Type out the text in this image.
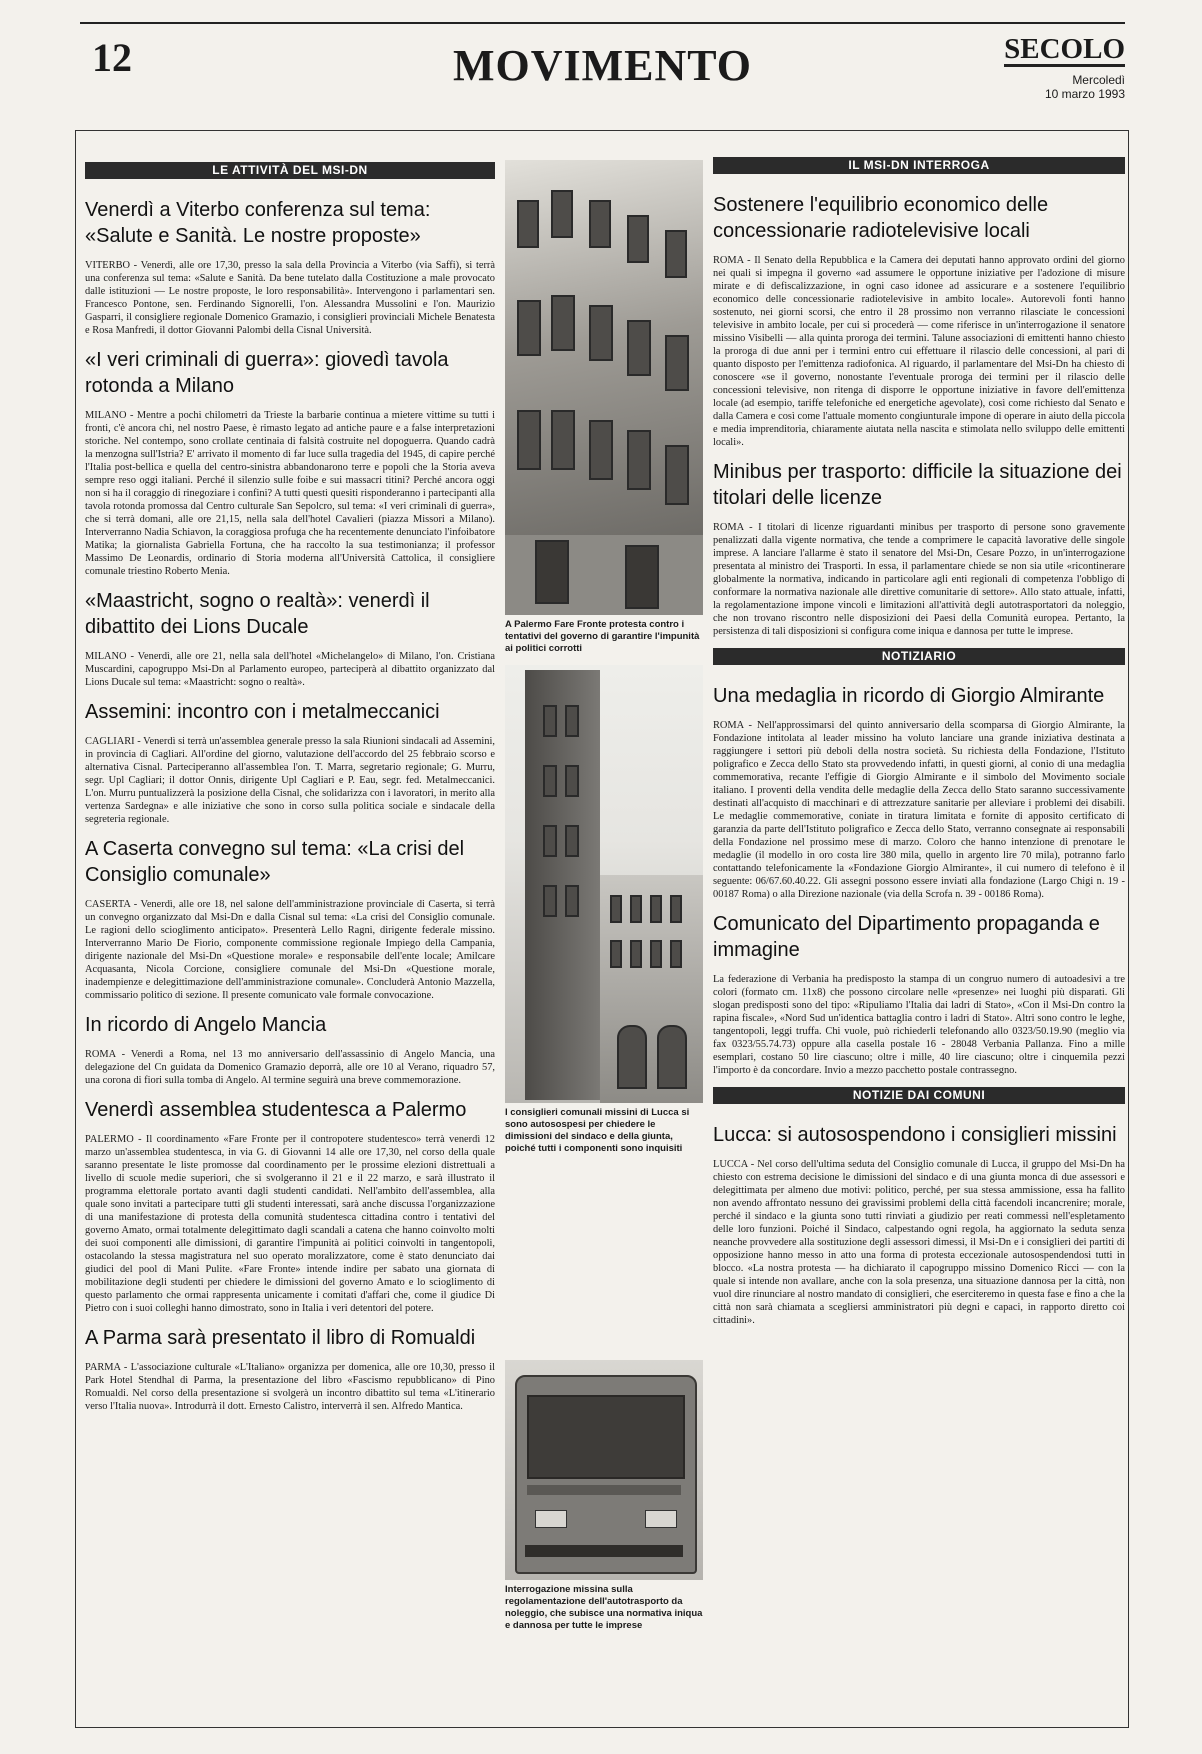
12	MOVIMENTO	SECOLO
Mercoledì
10 marzo 1993
LE ATTIVITÀ DEL MSI-DN
Venerdì a Viterbo conferenza sul tema: «Salute e Sanità. Le nostre proposte»

VITERBO - Venerdì, alle ore 17,30, presso la sala della Provincia a Viterbo (via Saffi), si terrà una conferenza sul tema: «Salute e Sanità. Da bene tutelato dalla Costituzione a male provocato dalle istituzioni — Le nostre proposte, le loro responsabilità». Intervengono i parlamentari sen. Francesco Pontone, sen. Ferdinando Signorelli, l'on. Alessandra Mussolini e l'on. Maurizio Gasparri, il consigliere regionale Domenico Gramazio, i consiglieri provinciali Michele Benatesta e Rosa Manfredi, il dottor Giovanni Palombi della Cisnal Università.

«I veri criminali di guerra»: giovedì tavola rotonda a Milano

MILANO - Mentre a pochi chilometri da Trieste la barbarie continua a mietere vittime su tutti i fronti, c'è ancora chi, nel nostro Paese, è rimasto legato ad antiche paure e a false interpretazioni storiche. Nel contempo, sono crollate centinaia di falsità costruite nel dopoguerra. Quando cadrà la menzogna sull'Istria? E' arrivato il momento di far luce sulla tragedia del 1945, di capire perché l'Italia post-bellica e quella del centro-sinistra abbandonarono terre e popoli che la Storia aveva sempre reso oggi italiani. Perché il silenzio sulle foibe e sui massacri titini? Perché ancora oggi non si ha il coraggio di rinegoziare i confini? A tutti questi quesiti risponderanno i partecipanti alla tavola rotonda promossa dal Centro culturale San Sepolcro, sul tema: «I veri criminali di guerra», che si terrà domani, alle ore 21,15, nella sala dell'hotel Cavalieri (piazza Missori a Milano). Interverranno Nadia Schiavon, la coraggiosa profuga che ha recentemente denunciato l'infoibatore Matika; la giornalista Gabriella Fortuna, che ha raccolto la sua testimonianza; il professor Massimo De Leonardis, ordinario di Storia moderna all'Università Cattolica, il consigliere comunale triestino Roberto Menia.

«Maastricht, sogno o realtà»: venerdì il dibattito dei Lions Ducale

MILANO - Venerdì, alle ore 21, nella sala dell'hotel «Michelangelo» di Milano, l'on. Cristiana Muscardini, capogruppo Msi-Dn al Parlamento europeo, parteciperà al dibattito organizzato dal Lions Ducale sul tema: «Maastricht: sogno o realtà».

Assemini: incontro con i metalmeccanici

CAGLIARI - Venerdì si terrà un'assemblea generale presso la sala Riunioni sindacali ad Assemini, in provincia di Cagliari. All'ordine del giorno, valutazione dell'accordo del 25 febbraio scorso e alternativa Cisnal. Parteciperanno all'assemblea l'on. T. Marra, segretario regionale; G. Murru, segr. Upl Cagliari; il dottor Onnis, dirigente Upl Cagliari e P. Eau, segr. fed. Metalmeccanici. L'on. Murru puntualizzerà la posizione della Cisnal, che solidarizza con i lavoratori, in merito alla vertenza Sardegna» e alle iniziative che sono in corso sulla politica sociale e sindacale della segreteria regionale.

A Caserta convegno sul tema: «La crisi del Consiglio comunale»

CASERTA - Venerdì, alle ore 18, nel salone dell'amministrazione provinciale di Caserta, si terrà un convegno organizzato dal Msi-Dn e dalla Cisnal sul tema: «La crisi del Consiglio comunale. Le ragioni dello scioglimento anticipato». Presenterà Lello Ragni, dirigente federale missino. Interverranno Mario De Fiorio, componente commissione regionale Impiego della Campania, dirigente nazionale del Msi-Dn «Questione morale» e responsabile dell'ente locale; Amilcare Acquasanta, Nicola Corcione, consigliere comunale del Msi-Dn «Questione morale, inadempienze e delegittimazione dell'amministrazione comunale». Concluderà Antonio Mazzella, commissario politico di sezione. Il presente comunicato vale formale convocazione.

In ricordo di Angelo Mancia

ROMA - Venerdì a Roma, nel 13 mo anniversario dell'assassinio di Angelo Mancia, una delegazione del Cn guidata da Domenico Gramazio deporrà, alle ore 10 al Verano, riquadro 57, una corona di fiori sulla tomba di Angelo. Al termine seguirà una breve commemorazione.

Venerdì assemblea studentesca a Palermo

PALERMO - Il coordinamento «Fare Fronte per il contropotere studentesco» terrà venerdì 12 marzo un'assemblea studentesca, in via G. di Giovanni 14 alle ore 17,30, nel corso della quale saranno presentate le liste promosse dal coordinamento per le prossime elezioni distrettuali a livello di scuole medie superiori, che si svolgeranno il 21 e il 22 marzo, e sarà illustrato il programma elettorale portato avanti dagli studenti candidati. Nell'ambito dell'assemblea, alla quale sono invitati a partecipare tutti gli studenti interessati, sarà anche discussa l'organizzazione di una manifestazione di protesta della comunità studentesca cittadina contro i tentativi del governo Amato, ormai totalmente delegittimato dagli scandali a catena che hanno coinvolto molti dei suoi componenti alle dimissioni, di garantire l'impunità ai politici coinvolti in tangentopoli, ostacolando la stessa magistratura nel suo operato moralizzatore, come è stato denunciato dai giudici del pool di Mani Pulite. «Fare Fronte» intende indire per sabato una giornata di mobilitazione degli studenti per chiedere le dimissioni del governo Amato e lo scioglimento di questo parlamento che ormai rappresenta unicamente i comitati d'affari che, come il giudice Di Pietro con i suoi colleghi hanno dimostrato, sono in Italia i veri detentori del potere.

A Parma sarà presentato il libro di Romualdi

PARMA - L'associazione culturale «L'Italiano» organizza per domenica, alle ore 10,30, presso il Park Hotel Stendhal di Parma, la presentazione del libro «Fascismo repubblicano» di Pino Romualdi. Nel corso della presentazione si svolgerà un incontro dibattito sul tema «L'itinerario verso l'Italia nuova». Introdurrà il dott. Ernesto Calistro, interverrà il sen. Alfredo Mantica.

A Palermo Fare Fronte protesta contro i tentativi del governo di garantire l'impunità ai politici corrotti
I consiglieri comunali missini di Lucca si sono autosospesi per chiedere le dimissioni del sindaco e della giunta, poiché tutti i componenti sono inquisiti
Interrogazione missina sulla regolamentazione dell'autotrasporto da noleggio, che subisce una normativa iniqua e dannosa per tutte le imprese
IL MSI-DN INTERROGA
Sostenere l'equilibrio economico delle concessionarie radiotelevisive locali

ROMA - Il Senato della Repubblica e la Camera dei deputati hanno approvato ordini del giorno nei quali si impegna il governo «ad assumere le opportune iniziative per l'adozione di misure mirate e di defiscalizzazione, in ogni caso idonee ad assicurare e a sostenere l'equilibrio economico delle concessionarie radiotelevisive in ambito locale». Autorevoli fonti hanno sostenuto, nei giorni scorsi, che entro il 28 prossimo non verranno rilasciate le concessioni televisive in ambito locale, per cui si procederà — come riferisce in un'interrogazione il senatore missino Visibelli — alla quinta proroga dei termini. Talune associazioni di emittenti hanno chiesto la proroga di due anni per i termini entro cui effettuare il rilascio delle concessioni, al pari di quanto disposto per l'emittenza radiofonica. Al riguardo, il parlamentare del Msi-Dn ha chiesto di conoscere «se il governo, nonostante l'eventuale proroga dei termini per il rilascio delle concessioni televisive, non ritenga di disporre le opportune iniziative in favore dell'emittenza locale (ad esempio, tariffe telefoniche ed energetiche agevolate), così come richiesto dal Senato e dalla Camera e così come l'attuale momento congiunturale impone di operare in aiuto della piccola e media imprenditoria, chiaramente aiutata nella nascita e stimolata nello sviluppo delle emittenti locali».

Minibus per trasporto: difficile la situazione dei titolari delle licenze

ROMA - I titolari di licenze riguardanti minibus per trasporto di persone sono gravemente penalizzati dalla vigente normativa, che tende a comprimere le capacità lavorative delle singole imprese. A lanciare l'allarme è stato il senatore del Msi-Dn, Cesare Pozzo, in un'interrogazione presentata al ministro dei Trasporti. In essa, il parlamentare chiede se non sia utile «ricontinerare globalmente la normativa, indicando in particolare agli enti regionali di competenza l'obbligo di conformare la normativa nazionale alle direttive comunitarie di settore». Allo stato attuale, infatti, la regolamentazione impone vincoli e limitazioni all'attività degli autotrasportatori da noleggio, che non trovano riscontro nelle disposizioni dei Paesi della Comunità europea. Pertanto, la persistenza di tali disposizioni si configura come iniqua e dannosa per tutte le imprese.

NOTIZIARIO
Una medaglia in ricordo di Giorgio Almirante

ROMA - Nell'approssimarsi del quinto anniversario della scomparsa di Giorgio Almirante, la Fondazione intitolata al leader missino ha voluto lanciare una grande iniziativa destinata a raggiungere i settori più deboli della nostra società. Su richiesta della Fondazione, l'Istituto poligrafico e Zecca dello Stato sta provvedendo infatti, in questi giorni, al conio di una medaglia commemorativa, recante l'effigie di Giorgio Almirante e il simbolo del Movimento sociale italiano. I proventi della vendita delle medaglie della Zecca dello Stato saranno successivamente destinati all'acquisto di macchinari e di attrezzature sanitarie per alleviare i problemi dei disabili. Le medaglie commemorative, coniate in tiratura limitata e fornite di apposito certificato di garanzia da parte dell'Istituto poligrafico e Zecca dello Stato, verranno consegnate ai responsabili della Fondazione nel prossimo mese di marzo. Coloro che hanno intenzione di prenotare le medaglie (il modello in oro costa lire 380 mila, quello in argento lire 70 mila), potranno farlo contattando telefonicamente la «Fondazione Giorgio Almirante», il cui numero di telefono è il seguente: 06/67.60.40.22. Gli assegni possono essere inviati alla fondazione (Largo Chigi n. 19 - 00187 Roma) o alla Direzione nazionale (via della Scrofa n. 39 - 00186 Roma).

Comunicato del Dipartimento propaganda e immagine

La federazione di Verbania ha predisposto la stampa di un congruo numero di autoadesivi a tre colori (formato cm. 11x8) che possono circolare nelle «presenze» nei luoghi più disparati. Gli slogan predisposti sono del tipo: «Ripuliamo l'Italia dai ladri di Stato», «Con il Msi-Dn contro la rapina fiscale», «Nord Sud un'identica battaglia contro i ladri di Stato». Altri sono contro le leghe, tangentopoli, leggi truffa. Chi vuole, può richiederli telefonando allo 0323/50.19.90 (meglio via fax 0323/55.74.73) oppure alla casella postale 16 - 28048 Verbania Pallanza. Fino a mille esemplari, costano 50 lire ciascuno; oltre i mille, 40 lire ciascuno; oltre i cinquemila pezzi l'importo è da concordare. Invio a mezzo pacchetto postale contrassegno.

NOTIZIE DAI COMUNI
Lucca: si autosospendono i consiglieri missini

LUCCA - Nel corso dell'ultima seduta del Consiglio comunale di Lucca, il gruppo del Msi-Dn ha chiesto con estrema decisione le dimissioni del sindaco e di una giunta monca di due assessori e delegittimata per almeno due motivi: politico, perché, per sua stessa ammissione, essa ha fallito non avendo affrontato nessuno dei gravissimi problemi della città facendoli incancrenire; morale, perché il sindaco e la giunta sono tutti rinviati a giudizio per reati commessi nell'espletamento delle loro funzioni. Poiché il Sindaco, calpestando ogni regola, ha aggiornato la seduta senza neanche provvedere alla sostituzione degli assessori dimessi, il Msi-Dn e i consiglieri dei partiti di opposizione hanno messo in atto una forma di protesta eccezionale autosospendendosi tutti in blocco. «La nostra protesta — ha dichiarato il capogruppo missino Domenico Ricci — con la quale si intende non avallare, anche con la sola presenza, una situazione dannosa per la città, non vuol dire rinunciare al nostro mandato di consiglieri, che eserciteremo in questa fase e fino a che la città non sarà chiamata a scegliersi amministratori più degni e capaci, in rapporto diretto coi cittadini».
